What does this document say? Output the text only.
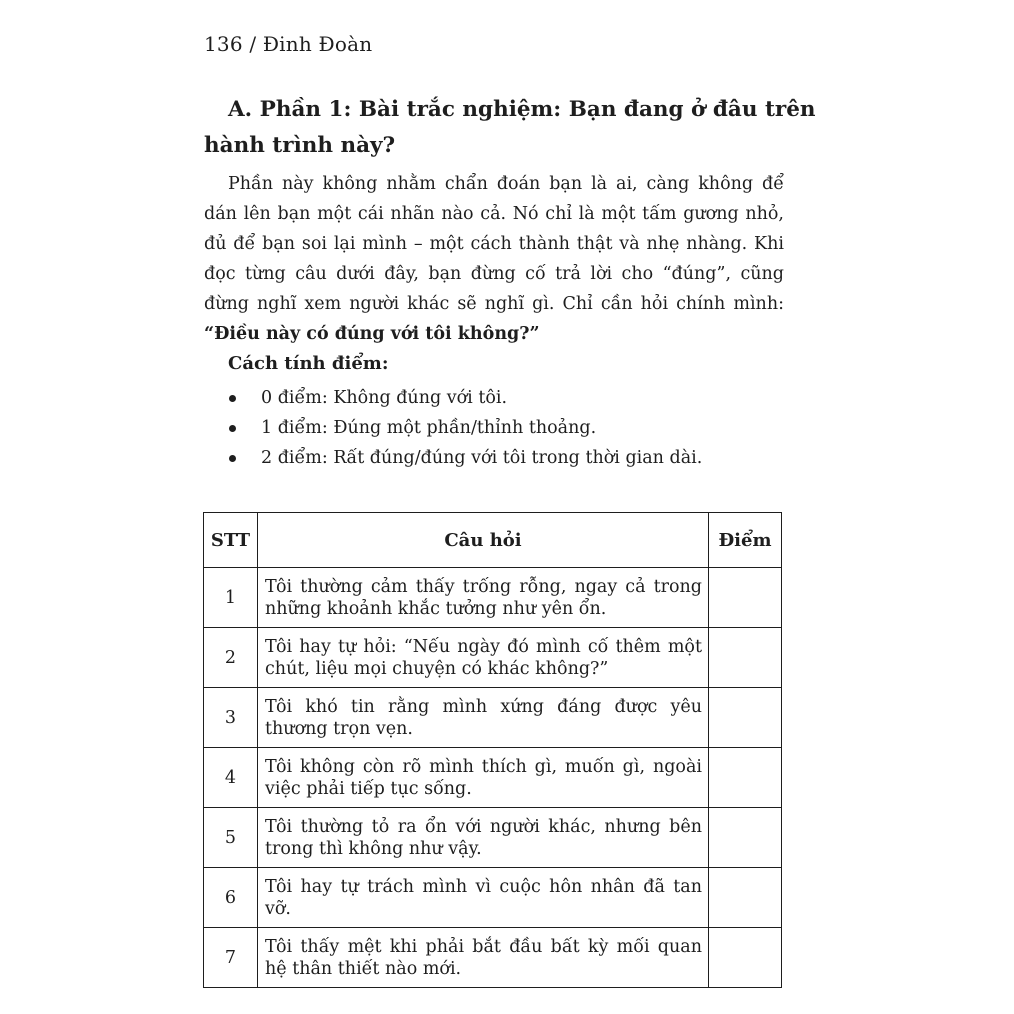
136 / Đinh Đoàn
A. Phần 1: Bài trắc nghiệm: Bạn đang ở đâu trên
hành trình này?

Phần này không nhằm chẩn đoán bạn là ai, càng không để dán lên bạn một cái nhãn nào cả. Nó chỉ là một tấm gương nhỏ, đủ để bạn soi lại mình – một cách thành thật và nhẹ nhàng. Khi đọc từng câu dưới đây, bạn đừng cố trả lời cho “đúng”, cũng đừng nghĩ xem người khác sẽ nghĩ gì. Chỉ cần hỏi chính mình: “Điều này có đúng với tôi không?”

Cách tính điểm:
0 điểm: Không đúng với tôi.
1 điểm: Đúng một phần/thỉnh thoảng.
2 điểm: Rất đúng/đúng với tôi trong thời gian dài.
STT	Câu hỏi	Điểm
1	Tôi thường cảm thấy trống rỗng, ngay cả trong những khoảnh khắc tưởng như yên ổn.	
2	Tôi hay tự hỏi: “Nếu ngày đó mình cố thêm một chút, liệu mọi chuyện có khác không?”	
3	Tôi khó tin rằng mình xứng đáng được yêu thương trọn vẹn.	
4	Tôi không còn rõ mình thích gì, muốn gì, ngoài việc phải tiếp tục sống.	
5	Tôi thường tỏ ra ổn với người khác, nhưng bên trong thì không như vậy.	
6	Tôi hay tự trách mình vì cuộc hôn nhân đã tan vỡ.	
7	Tôi thấy mệt khi phải bắt đầu bất kỳ mối quan hệ thân thiết nào mới.	
